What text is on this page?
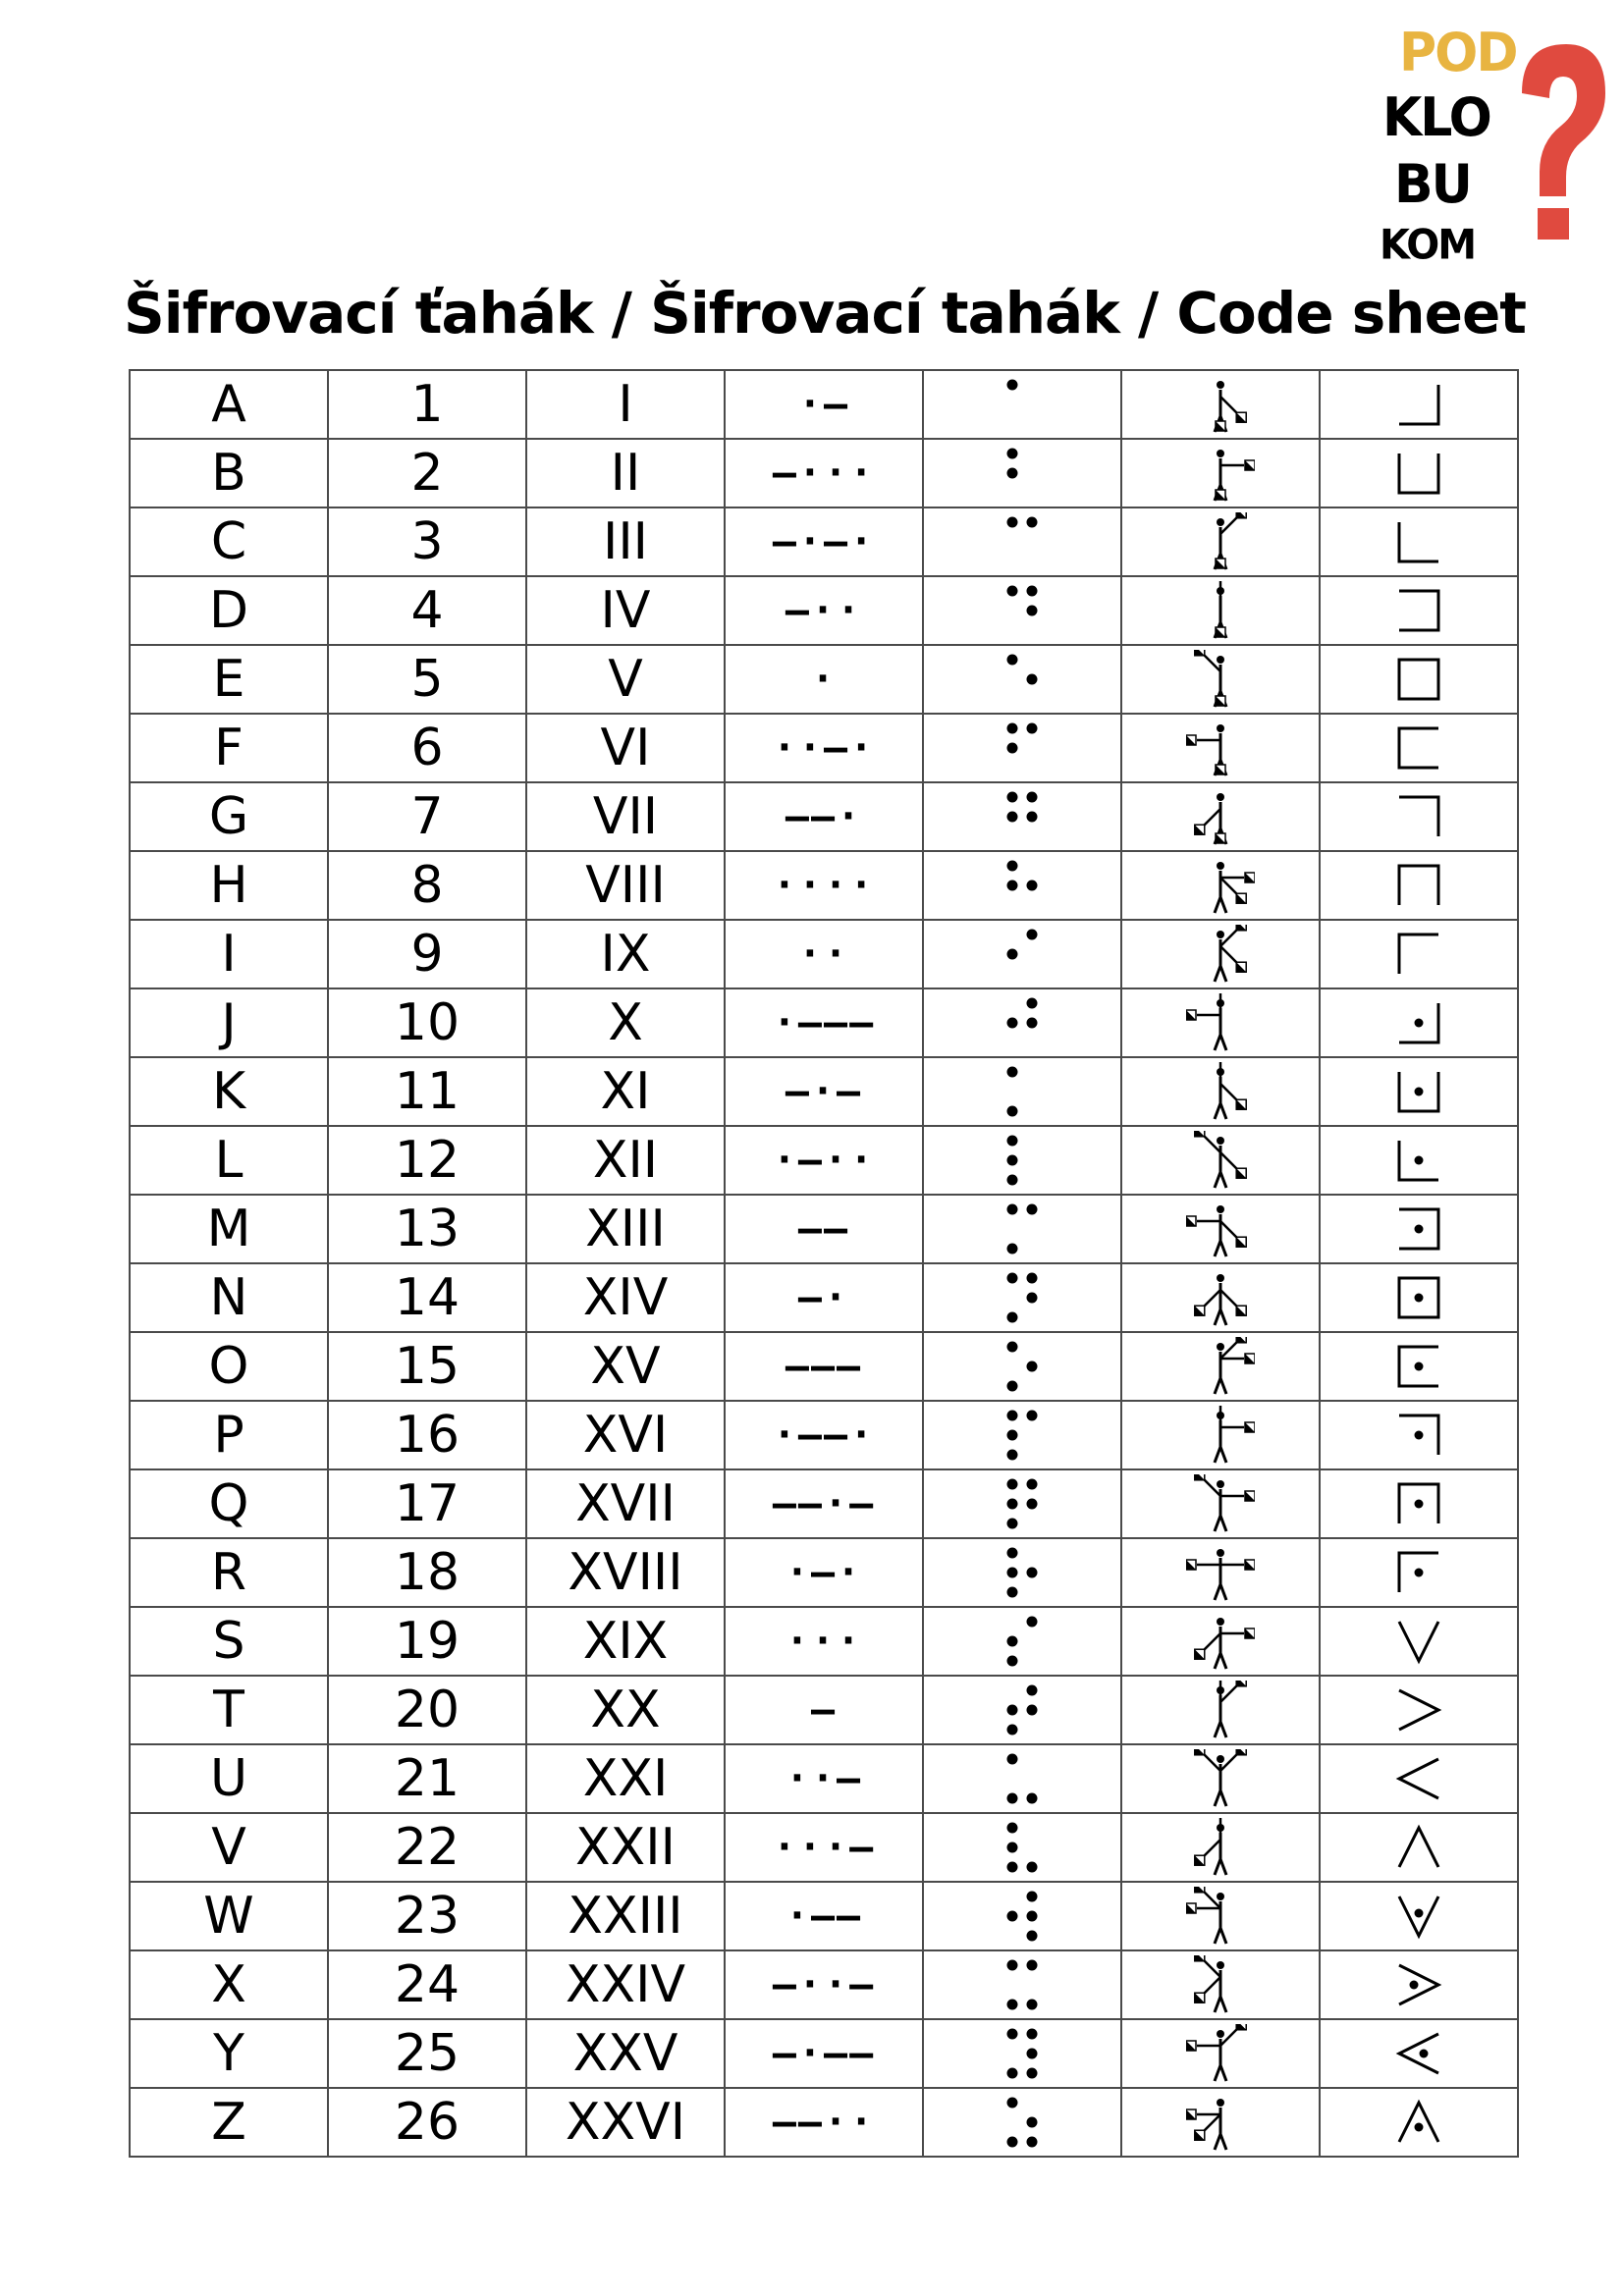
POD
KLO
BU
KOM
Šifrovací ťahák / Šifrovací tahák / Code sheet
A	1	I	·–	

B	2	II	–···	

C	3	III	–·–·	

D	4	IV	–··	

E	5	V	·	

F	6	VI	··–·	

G	7	VII	––·	

H	8	VIII	····	

I	9	IX	··	

J	10	X	·–––	

K	11	XI	–·–	

L	12	XII	·–··	

M	13	XIII	––	

N	14	XIV	–·	

O	15	XV	–––	

P	16	XVI	·––·	

Q	17	XVII	––·–	

R	18	XVIII	·–·	

S	19	XIX	···	

T	20	XX	–	

U	21	XXI	··–	

V	22	XXII	···–	

W	23	XXIII	·––	

X	24	XXIV	–··–	

Y	25	XXV	–·––	

Z	26	XXVI	––··	
